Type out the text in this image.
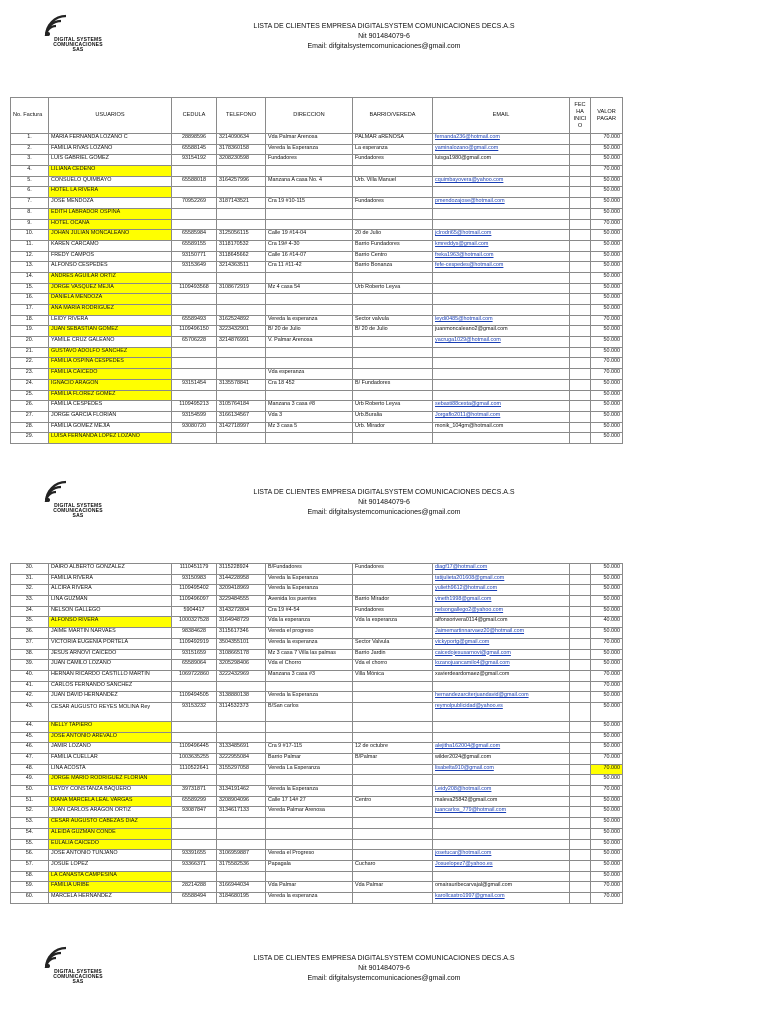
DIGITAL SYSTEMS
COMUNICACIONES
SAS
LISTA DE CLIENTES EMPRESA DIGITALSYSTEM COMUNICACIONES DECS.A.S
Nit 901484079-6
Email: difgitalsystemcomunicaciones@gmail.com
No. Factura	USUARIOS	CEDULA	TELEFONO	DIRECCION	BARRIO/VEREDA	EMAIL	FEC HA INICI O	VALOR PAGAR
1.	MARIA FERNANDA LOZANO C	28898596	3214090634	Vda Palmar Arenosa	PALMAR aRENOSA	fernanda236@hotmail.com		70.000
2.	FAMILIA RIVAS LOZANO	65588145	3178360158	Vereda la Esperanza	La esperanza	yaminalozano@gmail.com		50.000
3.	LUIS GABRIEL GOMEZ	93154192	3208230598	Fundadores	Fundadores	luisga1980@gmail.com		50.000
4.	LILIANA CEDEÑO							70.000
5.	CONSUELO QUIMBAYO	65588018	3164257996	Manzana A casa No. 4	Urb. Villa Manuel	cquimbayovera@yahoo.com		50.000
6.	HOTEL LA RIVERA							50.000
7.	JOSE MENDOZA	70952269	3187143521	Cra 19 #10-115	Fundadores	pmendozajose@hotmail.com		50.000
8.	EDITH LABRADOR OSPINA							50.000
9.	HOTEL OCAÑA							70.000
10.	JOHAN JULIAN MONCALEANO	65585984	3125056115	Calle 19 #14-04	20 de Julio	jclrodri65@hotmail.com		50.000
11.	KAREN CARCAMO	65589155	3118170532	Cra 19# 4-30	Barrio Fundadores	kmreddys@gmail.com		50.000
12.	FREDY CAMPOS	93150771	3118645662	Calle 16 #14-07	Barrio Centro	freka1963@hotmail.com		50.000
13.	ALFONSO CESPEDES	93153649	3214363511	Cra 11 #11-42	Barrio Bonanza	fefe-cespedes@hotmail.com		50.000
14.	ANDRES AGUILAR ORTIZ							50.000
15.	JORGE VASQUEZ MEJIA	1109493568	3108672919	Mz 4 casa 54	Urb Roberto Leyva			50.000
16.	DANIELA MENDOZA							50.000
17.	ANA MARIA RODRIGUEZ							50.000
18.	LEIDY RIVERA	65589493	3162524892	Vereda la esperanza	Sector valvula	leydi0485@hotmail.com		70.000
19.	JUAN SEBASTIAN GOMEZ	1109496150	3223432901	B/ 20 de Julio	B/ 20 de Julio	juanmoncaleano2@gmail.com		50.000
20.	YAMILE CRUZ GALEANO	65706228	3214876991	V. Palmar Arenosa		yacruga1029@hotmail.com		50.000
21.	GUSTAVO ADOLFO SANCHEZ							50.000
22.	FAMILIA OSPINA CESPEDES							70.000
23.	FAMILIA CAICEDO			Vda esperanza				70.000
24.	IGNACIO ARAGON	93151454	3135578841	Cra 18 452	B/ Fundadores			50.000
25.	FAMILIA FLOREZ GOMEZ							50.000
26.	FAMILIA CESPEDES	1109495213	3105764184	Manzana 3 casa #8	Urb Roberto Leyva	sebasti88cesta@gmail.com		50.000
27.	JORGE GARCIA FLORIAN	93154599	3166134567	Vda 3	Urb.Buralia	Jorgaflo2011@hotmail.com		50.000
28.	FAMILIA GOMEZ MEJIA	93080720	3142718997	Mz 3 casa 5	Urb. Mirador	monik_104gm@hotmail.com		50.000
29.	LUISA FERNANDA LOPEZ LOZANO							50.000
DIGITAL SYSTEMS
COMUNICACIONES
SAS
LISTA DE CLIENTES EMPRESA DIGITALSYSTEM COMUNICACIONES DECS.A.S
Nit 901484079-6
Email: difgitalsystemcomunicaciones@gmail.com
30.	DAIRO ALBERTO GONZALEZ	1110451179	3115228924	B/Fundadores	Fundadores	diagf17@hotmail.com		50.000
31.	FAMILIA RIVERA	93150983	3144228958	Vereda la Esperanza		tatijulieta201608@gmail.com		50.000
32.	ALCIRA RIVERA	1109495402	3209418969	Vereda la Esperanza		yulieth9612@hotmail.com		50.000
33.	LINA GUZMAN	1109496097	3229484555	Avenida los puentes	Barrio Mirador	yineth1998@gmail.com		50.000
34.	NELSON GALLEGO	5904417	3143272804	Cra 19 #4-54	Fundadores	nelsongallego2@yahoo.com		50.000
35.	ALFONSO RIVERA	1000327528	3164948729	Vda la esperanza	Vda la esperanza	alfonsorivera0114@gmail.com		40.000
36.	JAIME MARTIN NARVAES	98384628	3115617346	Vereda el progreso		Jaimemartinnarvaez20@hotmail.com		50.000
37.	VICTORIA EUGENIA PORTELA	1109492919	3504355101	Vereda la esperanza	Sector Valvula	vickyportg@gmail.com		70.000
38.	JESUS ARNOVI CAICEDO	93151659	3108665178	Mz 3 casa 7 Villa las palmas	Barrio Jardin	caicedojesusarnovi@gmail.com		50.000
39.	JUAN CAMILO LOZANO	65589064	3205298406	Vda el Chorro	Vda el chorro	lozanojuancamilo4@gmail.com		50.000
40.	HERNAN RICARDO CASTILLO MARTIN	1069722860	3222432969	Manzana 3 casa #3	Villa Mónica	xavierdeardomaez@gmail.com		70.000
41.	CARLOS FERNANDO SANCHEZ							70.000
42.	JUAN DAVID HERNANDEZ	1109494505	3138880138	Vereda la Esperanza		hernandezarciterjuandavid@gmail.com		50.000
43.	CESAR AUGUSTO REYES MOLINA Rey	93153232	3114532373	B/San carlos		reymolpublicidad@yahoo.es		50.000
44.	NELLY TAPIERO							50.000
45.	JOSE ANTONIO AREVALO							50.000
46.	JAMIR LOZANO	1109496445	3133485691	Cra 9 #17-115	12 de octubre	alejitha162004@gmail.com		50.000
47.	FAMILIA CUELLAR	1003635255	3222955084	Barrio Palmar	B/Palmar	wilder2024@gmail.com		70.000
48.	LINA ACOSTA	1110522641	3155297058	Vereda La Esperanza		lisabelta910@gmail.com		70.000
49.	JORGE MARIO RODRIGUEZ FLORIAN							50.000
50.	LEYDY CONSTANZA BAQUERO	39731871	3134191462	Vereda la Esperanza		Leidy208@hotmail.com		70.000
51.	DIANA MARCELA LEAL VARGAS	65589299	3208904096	Calle 17 14# 27	Centro	maleva25842@gmail.com		50.000
52.	JUAN CARLOS ARAGON ORTIZ	93087847	3134617133	Vereda Palmar Arenosa		juancarlos_779@hotmail.com		50.000
53.	CESAR AUGUSTO CABEZAS DIAZ							50.000
54.	ALEIDA GUZMAN CONDE							50.000
55.	EULALIA CAICEDO							50.000
56.	JOSE ANTONIO TUNJANO	93391655	3106959887	Vereda el Progreso		josetucar@hotmail.com		50.000
57.	JOSUE LOPEZ	93366371	3175582536	Papagala	Cucharo	Josuelopez7@yahoo.es		50.000
58.	LA CANASTA CAMPESINA							50.000
59.	FAMILIA URIBE	28214288	3166944034	Vda Palmar	Vda Palmar	omairauribecarvajal@gmail.com		70.000
60.	MARCELA HERNANDEZ	65588494	3184680195	Vereda la esperanza		karollcastro1997@gmail.com		70.000
DIGITAL SYSTEMS
COMUNICACIONES
SAS
LISTA DE CLIENTES EMPRESA DIGITALSYSTEM COMUNICACIONES DECS.A.S
Nit 901484079-6
Email: difgitalsystemcomunicaciones@gmail.com
